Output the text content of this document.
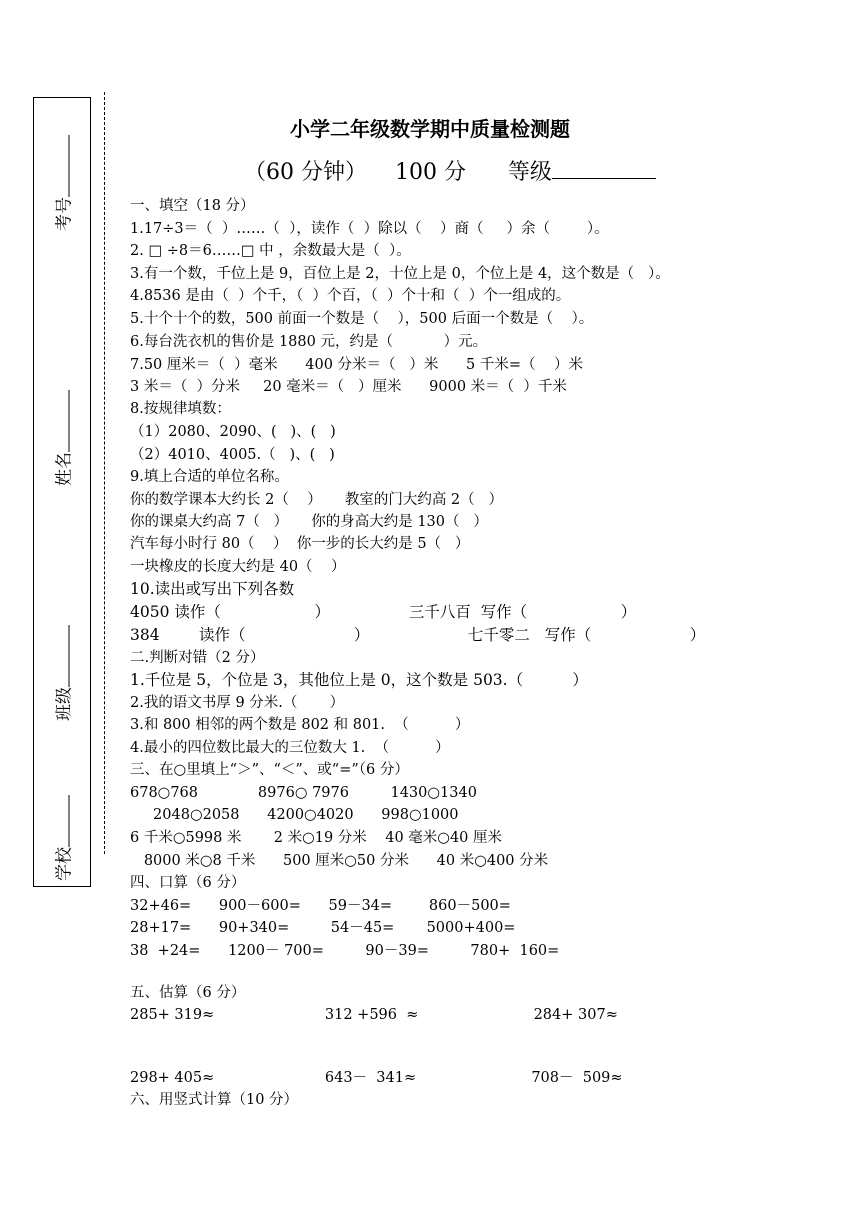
考号
姓名
班级
学校
小学二年级数学期中质量检测题
（60 分钟）    100 分      等级
一、填空（18 分）
1.17÷3＝（  ）……（  ），读作（  ）除以（    ）商（     ）余（        ）。
2. □ ÷8＝6……□ 中 ，余数最大是（  ）。
3.有一个数，千位上是 9，百位上是 2，十位上是 0，个位上是 4，这个数是（   ）。
4.8536 是由（  ）个千，（  ）个百，（  ）个十和（  ）个一组成的。
5.十个十个的数，500 前面一个数是（    ），500 后面一个数是（    ）。
6.每台洗衣机的售价是 1880 元，约是（           ）元。
7.50 厘米＝（  ）毫米      400 分米＝（   ）米      5 千米=（    ）米
3 米＝（  ）分米     20 毫米＝（   ）厘米      9000 米＝（  ）千米
8.按规律填数：
（1）2080、2090、(   )、(   )
（2）4010、4005.（   )、(   )
9.填上合适的单位名称。
你的数学课本大约长 2（    ）     教室的门大约高 2（   ）
你的课桌大约高 7（   ）     你的身高大约是 130（   ）
汽车每小时行 80（    ）  你一步的长大约是 5（   ）
一块橡皮的长度大约是 40（    ）
10.读出或写出下列各数
4050 读作（                   ）                三千八百  写作（                   ）
384        读作（                      ）                    七千零二   写作（                    ）
二.判断对错（2 分）
1.千位是 5，个位是 3，其他位上是 0，这个数是 503.（          ）
2.我的语文书厚 9 分米.（       ）
3.和 800 相邻的两个数是 802 和 801.  （          ）
4.最小的四位数比最大的三位数大 1.  （          ）
三、在○里填上“＞”、“＜”、或“=”（6 分）
678○768             8976○ 7976         1430○1340
2048○2058      4200○4020      998○1000
6 千米○5998 米       2 米○19 分米    40 毫米○40 厘米
8000 米○8 千米      500 厘米○50 分米      40 米○400 分米
四、口算（6 分）
32+46=      900－600=      59－34=        860－500=
28+17=      90+340=         54－45=       5000+400=
38  +24=      1200－ 700=         90－39=         780+  160=
五、估算（6 分）
285+ 319≈                        312 +596  ≈                         284+ 307≈
298+ 405≈                        643－  341≈                         708－  509≈
六、用竖式计算（10 分）
